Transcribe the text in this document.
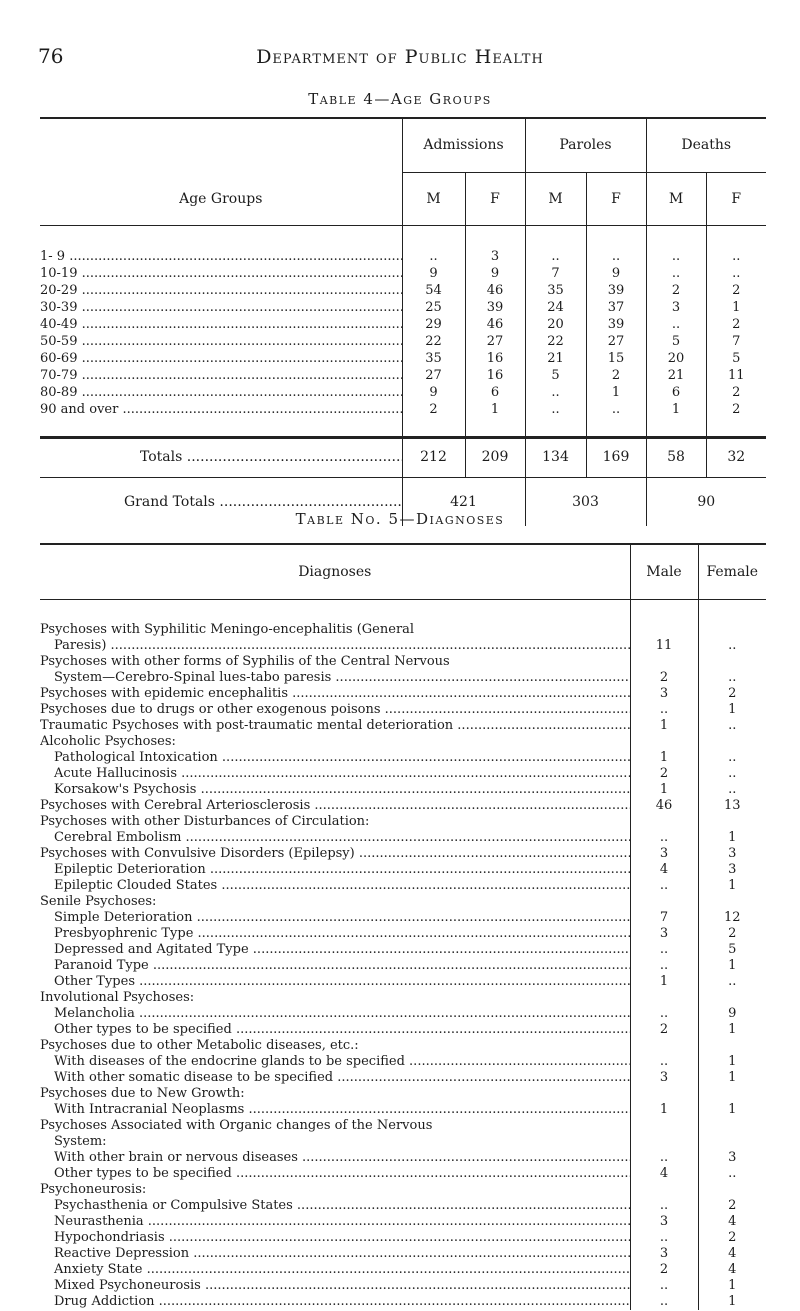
76	Department of Public Health
Table 4—Age Groups
	Admissions		Paroles		Deaths	
Age Groups	M	F	M	F	M	F
1- 9 .....	..	3	..	..	..	..
10-19 .....	9	9	7	9	..	..
20-29 .....	54	46	35	39	2	2
30-39 .....	25	39	24	37	3	1
40-49 .....	29	46	20	39	..	2
50-59 .....	22	27	22	27	5	7
60-69 .....	35	16	21	15	20	5
70-79 .....	27	16	5	2	21	11
80-89 .....	9	6	..	1	6	2
90 and over .....	2	1	..	..	1	2
Totals .....	212	209	134	169	58	32
Grand Totals .....	421		303		90	
Table No. 5—Diagnoses
Diagnoses	Male	Female
Psychoses with Syphilitic Meningo-encephalitis (General		
Paresis) .....	11	..
Psychoses with other forms of Syphilis of the Central Nervous		
System—Cerebro-Spinal lues-tabo paresis .....	2	..
Psychoses with epidemic encephalitis .....	3	2
Psychoses due to drugs or other exogenous poisons .....	..	1
Traumatic Psychoses with post-traumatic mental deterioration .....	1	..
Alcoholic Psychoses:		
Pathological Intoxication .....	1	..
Acute Hallucinosis .....	2	..
Korsakow's Psychosis .....	1	..
Psychoses with Cerebral Arteriosclerosis .....	46	13
Psychoses with other Disturbances of Circulation:		
Cerebral Embolism .....	..	1
Psychoses with Convulsive Disorders (Epilepsy) .....	3	3
Epileptic Deterioration .....	4	3
Epileptic Clouded States .....	..	1
Senile Psychoses:		
Simple Deterioration .....	7	12
Presbyophrenic Type .....	3	2
Depressed and Agitated Type .....	..	5
Paranoid Type .....	..	1
Other Types .....	1	..
Involutional Psychoses:		
Melancholia .....	..	9
Other types to be specified .....	2	1
Psychoses due to other Metabolic diseases, etc.:		
With diseases of the endocrine glands to be specified .....	..	1
With other somatic disease to be specified .....	3	1
Psychoses due to New Growth:		
With Intracranial Neoplasms .....	1	1
Psychoses Associated with Organic changes of the Nervous		
System:		
With other brain or nervous diseases .....	..	3
Other types to be specified .....	4	..
Psychoneurosis:		
Psychasthenia or Compulsive States .....	..	2
Neurasthenia .....	3	4
Hypochondriasis .....	..	2
Reactive Depression .....	3	4
Anxiety State .....	2	4
Mixed Psychoneurosis .....	..	1
Drug Addiction .....	..	1
